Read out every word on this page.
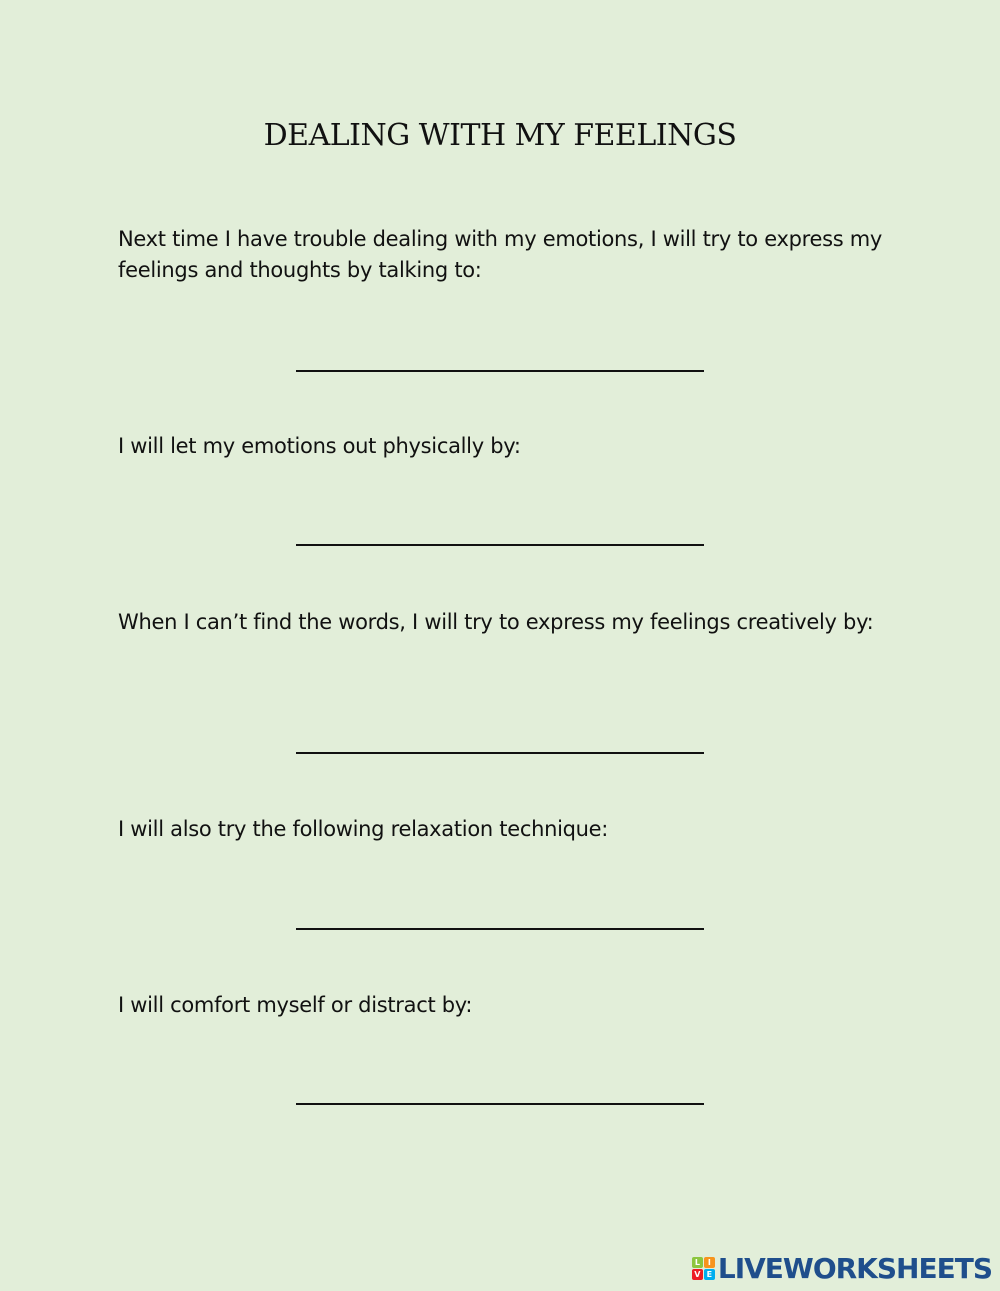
DEALING WITH MY FEELINGS

Next time I have trouble dealing with my emotions, I will try to express my feelings and thoughts by talking to:

I will let my emotions out physically by:

When I can’t find the words, I will try to express my feelings creatively by:

I will also try the following relaxation technique:

I will comfort myself or distract by:

L I
V E LIVEWORKSHEETS
